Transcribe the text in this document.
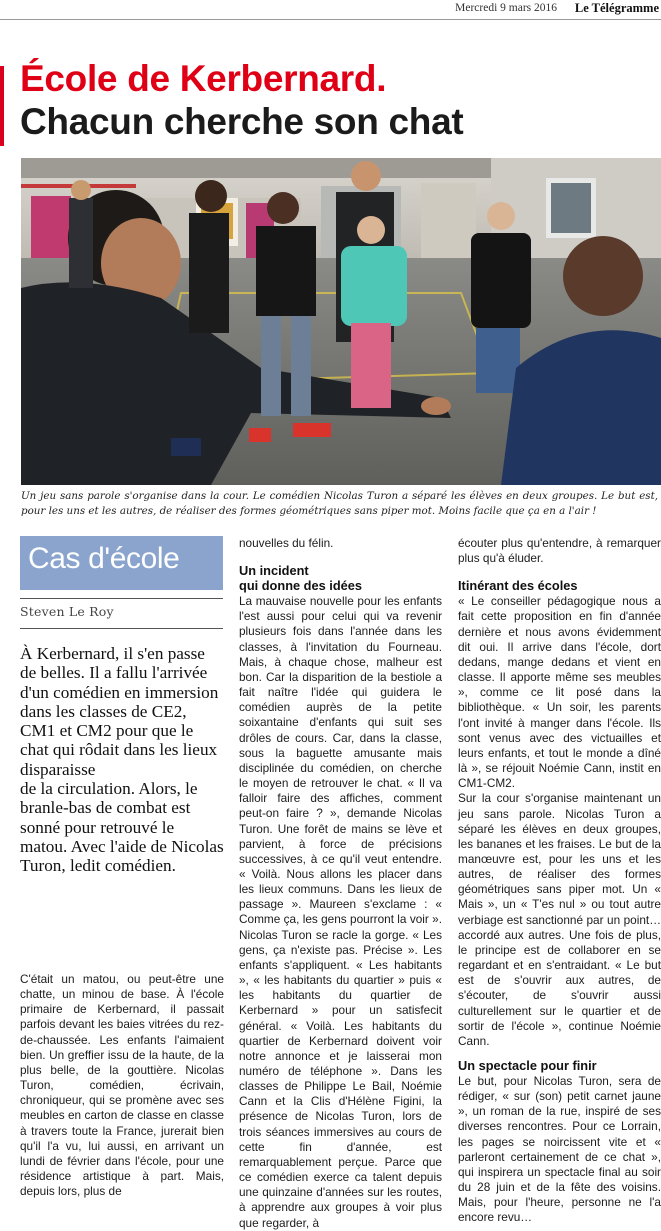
Mercredi 9 mars 2016 Le Télégramme
École de Kerbernard.
Chacun cherche son chat
Un jeu sans parole s'organise dans la cour. Le comédien Nicolas Turon a séparé les élèves en deux groupes. Le but est, pour les uns et les autres, de réaliser des formes géométriques sans piper mot. Moins facile que ça en a l'air !
Cas d'école
Steven Le Roy
À Kerbernard, il s'en passe de belles. Il a fallu l'arrivée d'un comédien en immersion dans les classes de CE2, CM1 et CM2 pour que le chat qui rôdait dans les lieux disparaisse
de la circulation. Alors, le branle-bas de combat est sonné pour retrouvé le matou. Avec l'aide de Nicolas Turon, ledit comédien.

C'était un matou, ou peut-être une chatte, un minou de base. À l'école primaire de Kerbernard, il passait parfois devant les baies vitrées du rez-de-chaussée. Les enfants l'aimaient bien. Un greffier issu de la haute, de la plus belle, de la gouttière. Nicolas Turon, comédien, écrivain, chroniqueur, qui se promène avec ses meubles en carton de classe en classe à travers toute la France, jurerait bien qu'il l'a vu, lui aussi, en arrivant un lundi de février dans l'école, pour une résidence artistique à part. Mais, depuis lors, plus de

nouvelles du félin.

Un incident
qui donne des idées

La mauvaise nouvelle pour les enfants l'est aussi pour celui qui va revenir plusieurs fois dans l'année dans les classes, à l'invitation du Fourneau. Mais, à chaque chose, malheur est bon. Car la disparition de la bestiole a fait naître l'idée qui guidera le comédien auprès de la petite soixantaine d'enfants qui suit ses drôles de cours. Car, dans la classe, sous la baguette amusante mais disciplinée du comédien, on cherche le moyen de retrouver le chat. « Il va falloir faire des affiches, comment peut-on faire ? », demande Nicolas Turon. Une forêt de mains se lève et parvient, à force de précisions successives, à ce qu'il veut entendre. « Voilà. Nous allons les placer dans les lieux communs. Dans les lieux de passage ». Maureen s'exclame : « Comme ça, les gens pourront la voir ». Nicolas Turon se racle la gorge. « Les gens, ça n'existe pas. Précise ». Les enfants s'appliquent. « Les habitants », « les habitants du quartier » puis « les habitants du quartier de Kerbernard » pour un satisfecit général. « Voilà. Les habitants du quartier de Kerbernard doivent voir notre annonce et je laisserai mon numéro de téléphone ». Dans les classes de Philippe Le Bail, Noémie Cann et la Clis d'Hélène Figini, la présence de Nicolas Turon, lors de trois séances immersives au cours de cette fin d'année, est remarquablement perçue. Parce que ce comédien exerce ca talent depuis une quinzaine d'années sur les routes, à apprendre aux groupes à voir plus que regarder, à

écouter plus qu'entendre, à remarquer plus qu'à éluder.

Itinérant des écoles

« Le conseiller pédagogique nous a fait cette proposition en fin d'année dernière et nous avons évidemment dit oui. Il arrive dans l'école, dort dedans, mange dedans et vient en classe. Il apporte même ses meubles », comme ce lit posé dans la bibliothèque. « Un soir, les parents l'ont invité à manger dans l'école. Ils sont venus avec des victuailles et leurs enfants, et tout le monde a dîné là », se réjouit Noémie Cann, instit en CM1-CM2.

Sur la cour s'organise maintenant un jeu sans parole. Nicolas Turon a séparé les élèves en deux groupes, les bananes et les fraises. Le but de la manœuvre est, pour les uns et les autres, de réaliser des formes géométriques sans piper mot. Un « Mais », un « T'es nul » ou tout autre verbiage est sanctionné par un point… accordé aux autres. Une fois de plus, le principe est de collaborer en se regardant et en s'entraidant. « Le but est de s'ouvrir aux autres, de s'écouter, de s'ouvrir aussi culturellement sur le quartier et de sortir de l'école », continue Noémie Cann.

Un spectacle pour finir

Le but, pour Nicolas Turon, sera de rédiger, « sur (son) petit carnet jaune », un roman de la rue, inspiré de ses diverses rencontres. Pour ce Lorrain, les pages se noircissent vite et « parleront certainement de ce chat », qui inspirera un spectacle final au soir du 28 juin et de la fête des voisins. Mais, pour l'heure, personne ne l'a encore revu…
